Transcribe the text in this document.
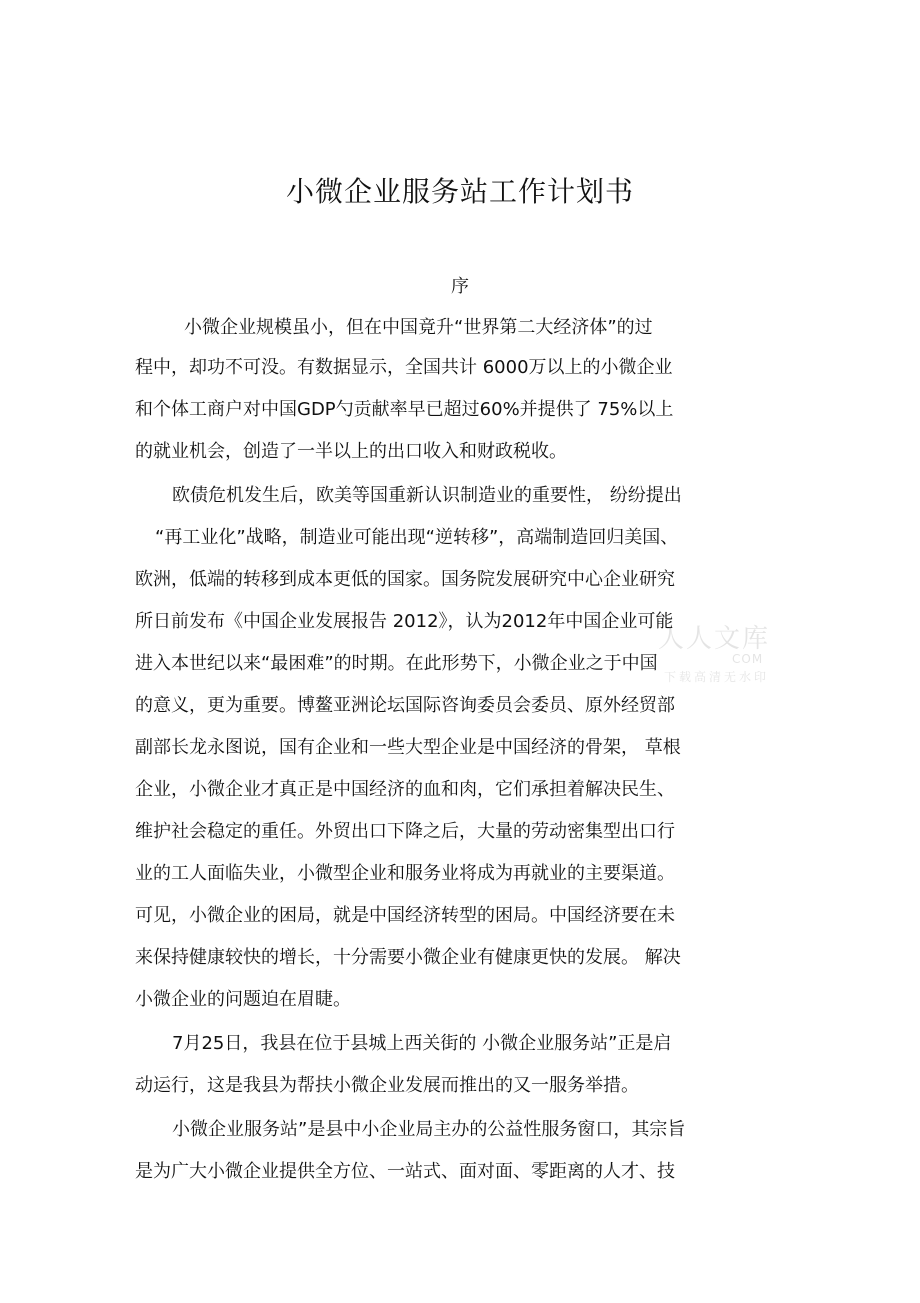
小微企业服务站工作计划书
序
小微企业规模虽小，但在中国竟升“世界第二大经济体”的过
程中，却功不可没。有数据显示，全国共计 6000万以上的小微企业
和个体工商户对中国GDP勺贡献率早已超过60%并提供了 75%以上
的就业机会，创造了一半以上的出口收入和财政税收。
欧债危机发生后，欧美等国重新认识制造业的重要性， 纷纷提出
“再工业化”战略，制造业可能出现“逆转移”，高端制造回归美国、
欧洲，低端的转移到成本更低的国家。国务院发展研究中心企业研究
所日前发布《中国企业发展报告 2012》，认为2012年中国企业可能
进入本世纪以来“最困难”的时期。在此形势下，小微企业之于中国
的意义，更为重要。博鳌亚洲论坛国际咨询委员会委员、原外经贸部
副部长龙永图说，国有企业和一些大型企业是中国经济的骨架， 草根
企业，小微企业才真正是中国经济的血和肉，它们承担着解决民生、
维护社会稳定的重任。外贸出口下降之后，大量的劳动密集型出口行
业的工人面临失业，小微型企业和服务业将成为再就业的主要渠道。
可见，小微企业的困局，就是中国经济转型的困局。中国经济要在未
来保持健康较快的增长，十分需要小微企业有健康更快的发展。 解决
小微企业的问题迫在眉睫。
7月25日，我县在位于县城上西关街的 小微企业服务站”正是启
动运行，这是我县为帮扶小微企业发展而推出的又一服务举措。
小微企业服务站”是县中小企业局主办的公益性服务窗口，其宗旨
是为广大小微企业提供全方位、一站式、面对面、零距离的人才、技
人人文库
COM
下载高清无水印
